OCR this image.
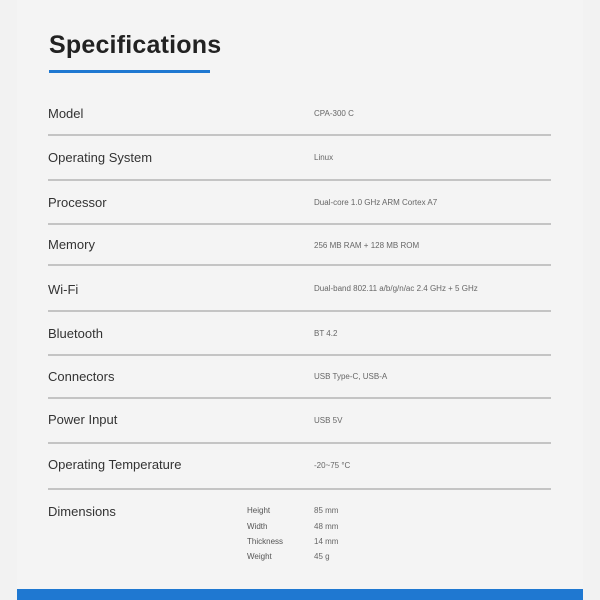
Specifications
Model	CPA-300 C
Operating System	Linux
Processor	Dual-core 1.0 GHz ARM Cortex A7
Memory	256 MB RAM + 128 MB ROM
Wi-Fi	Dual-band 802.11 a/b/g/n/ac 2.4 GHz + 5 GHz
Bluetooth	BT 4.2
Connectors	USB Type-C, USB-A
Power Input	USB 5V
Operating Temperature	-20~75 °C
Dimensions	Height	85 mm
Width	48 mm
Thickness	14 mm
Weight	45 g
